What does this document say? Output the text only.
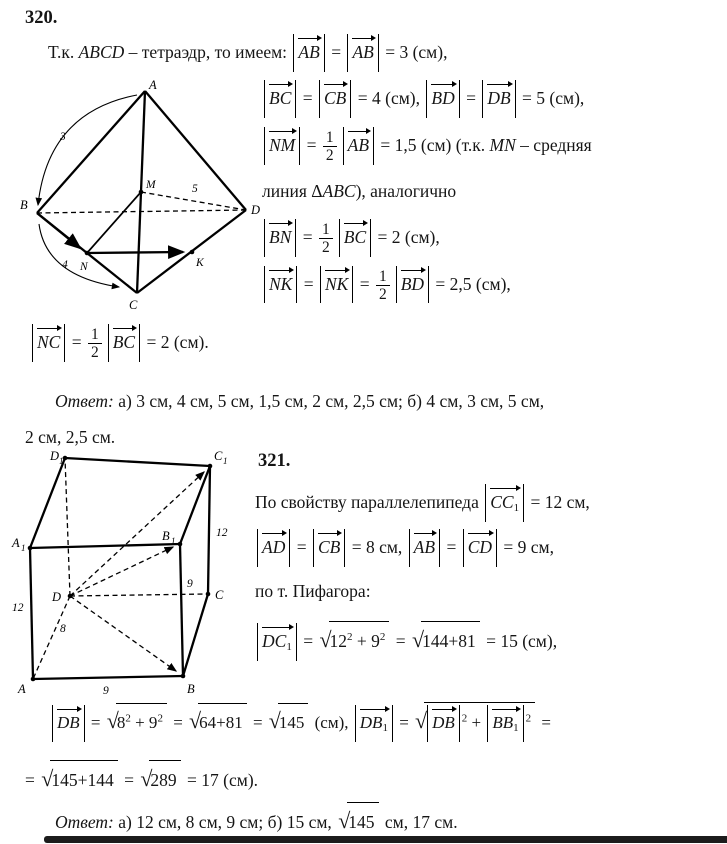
320.
Т.к. ABCD – тетраэдр, то имеем: AB
= AB
= 3 (см),
A
B
C
D
M
N	K
3
4
5
BC
= CB
= 4 (см), BD
= DB
= 5 (см),
NM
= $\frac{1}{2}$ AB
= 1,5 (см) (т.к. MN – средняя
линия ΔABC), аналогично
BN
= $\frac{1}{2}$ BC
= 2 (см),
NK
= NK
= $\frac{1}{2}$ BD
= 2,5 (см),
NC
= $\frac{1}{2}$ BC
= 2 (см).
Ответ: а) 3 см, 4 см, 5 см, 1,5 см, 2 см, 2,5 см; б) 4 см, 3 см, 5 см,
2 см, 2,5 см.
321.
D 1	C 1
A 1
B 1
A	B
C
D
12
12
9
9
8
По свойству параллелепипеда $CC_1$
= 12 см,
AD
= CB
= 8 см, AB
= CD
= 9 см,
по т. Пифагора:
$DC_1$
= $√12^2 + 9^2 = √144+81 = 15$ (см),
DB
= $√8^2 + 9^2 = √64+81 = √145$ (см), $DB_1$
= √ DB $^2 + BB_1$
$^2$ =
= √145+144 = √289 = 17 (см).
Ответ: а) 12 см, 8 см, 9 см; б) 15 см, √145 см, 17 см.
